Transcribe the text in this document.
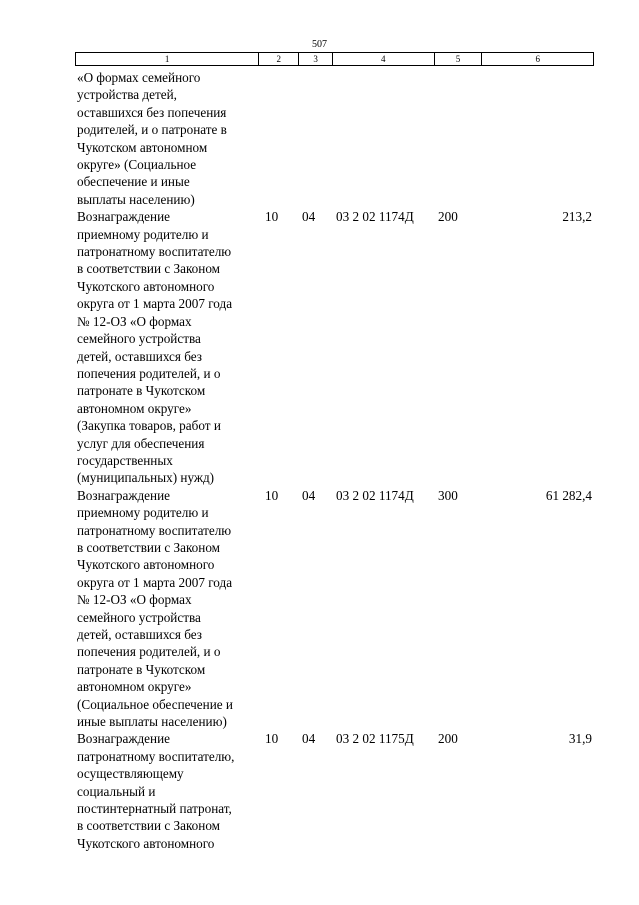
507
1	2	3	4	5	6
«О формах семейного
устройства детей,
оставшихся без попечения
родителей, и о патронате в
Чукотском автономном
округе» (Социальное
обеспечение и иные
выплаты населению)
Вознаграждение
приемному родителю и
патронатному воспитателю
в соответствии с Законом
Чукотского автономного
округа от 1 марта 2007 года
№ 12-ОЗ «О формах
семейного устройства
детей, оставшихся без
попечения родителей, и о
патронате в Чукотском
автономном округе»
(Закупка товаров, работ и
услуг для обеспечения
государственных
(муниципальных) нужд)
10	04	03 2 02 1174Д	200	213,2
Вознаграждение
приемному родителю и
патронатному воспитателю
в соответствии с Законом
Чукотского автономного
округа от 1 марта 2007 года
№ 12-ОЗ «О формах
семейного устройства
детей, оставшихся без
попечения родителей, и о
патронате в Чукотском
автономном округе»
(Социальное обеспечение и
иные выплаты населению)
10	04	03 2 02 1174Д	300	61 282,4
Вознаграждение
патронатному воспитателю,
осуществляющему
социальный и
постинтернатный патронат,
в соответствии с Законом
Чукотского автономного
10	04	03 2 02 1175Д	200	31,9
